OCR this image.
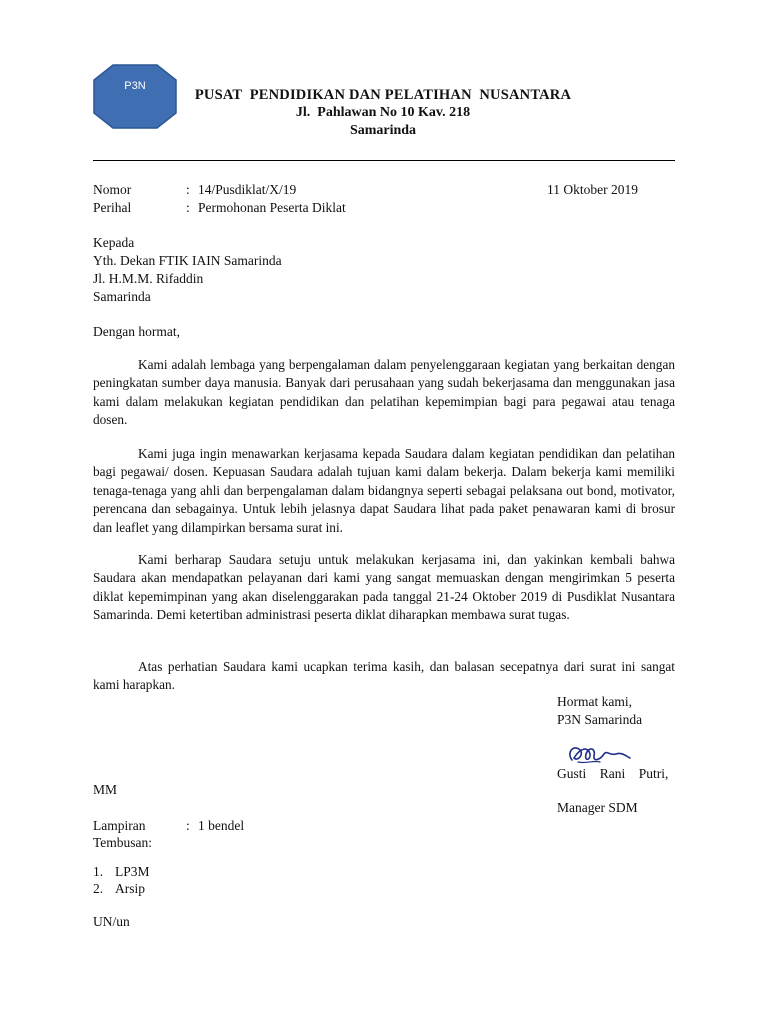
P3N
PUSAT  PENDIDIKAN DAN PELATIHAN  NUSANTARA
Jl.  Pahlawan No 10 Kav. 218
Samarinda
Nomor	: 14/Pusdiklat/X/19	11 Oktober 2019
Perihal	: Permohonan Peserta Diklat
Kepada
Yth. Dekan FTIK IAIN Samarinda
Jl. H.M.M. Rifaddin
Samarinda
Dengan hormat,
Kami adalah lembaga yang berpengalaman dalam penyelenggaraan kegiatan yang berkaitan dengan peningkatan sumber daya manusia. Banyak dari perusahaan yang sudah bekerjasama dan menggunakan jasa kami dalam melakukan kegiatan pendidikan dan pelatihan kepemimpian bagi para pegawai atau tenaga dosen.
Kami juga ingin menawarkan kerjasama kepada Saudara dalam kegiatan pendidikan dan pelatihan bagi pegawai/ dosen. Kepuasan Saudara adalah tujuan kami dalam bekerja. Dalam bekerja kami memiliki tenaga-tenaga yang ahli dan berpengalaman dalam bidangnya seperti sebagai pelaksana out bond, motivator, perencana dan sebagainya. Untuk lebih jelasnya dapat Saudara lihat pada paket penawaran kami di brosur dan leaflet yang dilampirkan bersama surat ini.
Kami berharap Saudara setuju untuk melakukan kerjasama ini, dan yakinkan kembali bahwa Saudara akan mendapatkan pelayanan dari kami yang sangat memuaskan dengan mengirimkan 5 peserta diklat kepemimpinan yang akan diselenggarakan pada tanggal 21-24 Oktober 2019 di Pusdiklat Nusantara Samarinda. Demi ketertiban administrasi peserta diklat diharapkan membawa surat tugas.
Atas perhatian Saudara kami ucapkan terima kasih, dan balasan secepatnya dari surat ini sangat kami harapkan.
Hormat kami,
P3N Samarinda
Gusti    Rani    Putri,
MM
Manager SDM
Lampiran	: 1 bendel
Tembusan:
1. LP3M
2. Arsip
UN/un
